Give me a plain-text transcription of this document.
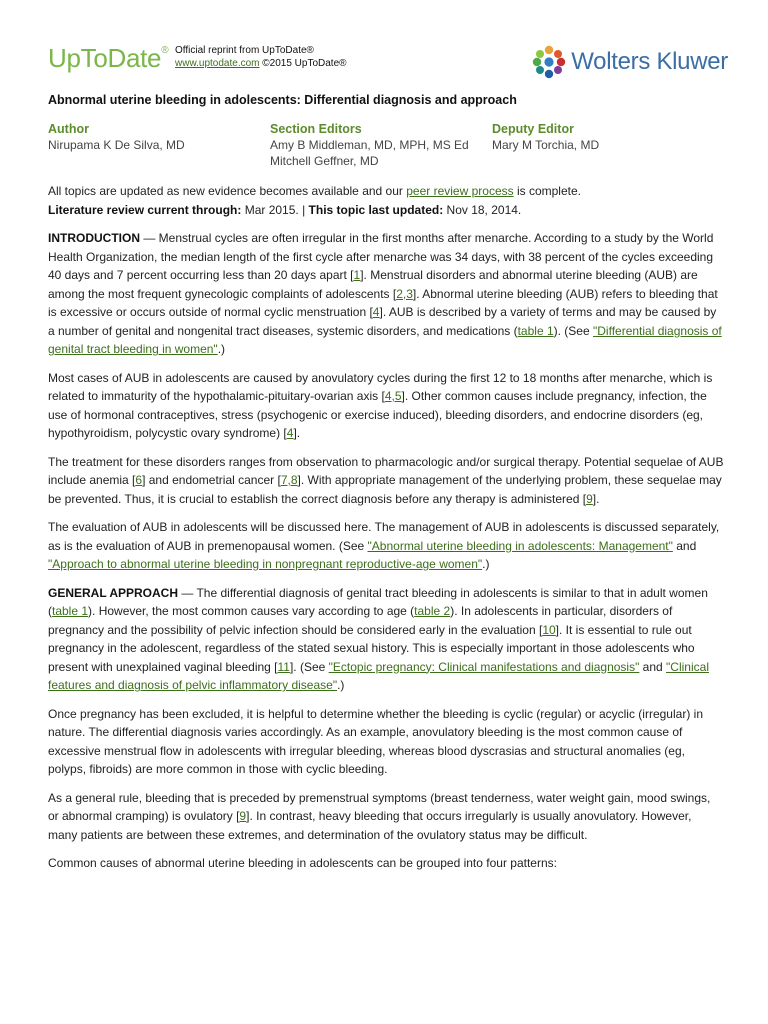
UpToDate® Official reprint from UpToDate®
www.uptodate.com ©2015 UpToDate®	Wolters Kluwer
Abnormal uterine bleeding in adolescents: Differential diagnosis and approach
Author
Nirupama K De Silva, MD
Section Editors
Amy B Middleman, MD, MPH, MS Ed
Mitchell Geffner, MD
Deputy Editor
Mary M Torchia, MD

All topics are updated as new evidence becomes available and our peer review process is complete.
Literature review current through: Mar 2015. | This topic last updated: Nov 18, 2014.

INTRODUCTION — Menstrual cycles are often irregular in the first months after menarche. According to a study by the World Health Organization, the median length of the first cycle after menarche was 34 days, with 38 percent of the cycles exceeding 40 days and 7 percent occurring less than 20 days apart [1]. Menstrual disorders and abnormal uterine bleeding (AUB) are among the most frequent gynecologic complaints of adolescents [2,3]. Abnormal uterine bleeding (AUB) refers to bleeding that is excessive or occurs outside of normal cyclic menstruation [4]. AUB is described by a variety of terms and may be caused by a number of genital and nongenital tract diseases, systemic disorders, and medications (table 1). (See "Differential diagnosis of genital tract bleeding in women".)

Most cases of AUB in adolescents are caused by anovulatory cycles during the first 12 to 18 months after menarche, which is related to immaturity of the hypothalamic-pituitary-ovarian axis [4,5]. Other common causes include pregnancy, infection, the use of hormonal contraceptives, stress (psychogenic or exercise induced), bleeding disorders, and endocrine disorders (eg, hypothyroidism, polycystic ovary syndrome) [4].

The treatment for these disorders ranges from observation to pharmacologic and/or surgical therapy. Potential sequelae of AUB include anemia [6] and endometrial cancer [7,8]. With appropriate management of the underlying problem, these sequelae may be prevented. Thus, it is crucial to establish the correct diagnosis before any therapy is administered [9].

The evaluation of AUB in adolescents will be discussed here. The management of AUB in adolescents is discussed separately, as is the evaluation of AUB in premenopausal women. (See "Abnormal uterine bleeding in adolescents: Management" and "Approach to abnormal uterine bleeding in nonpregnant reproductive-age women".)

GENERAL APPROACH — The differential diagnosis of genital tract bleeding in adolescents is similar to that in adult women (table 1). However, the most common causes vary according to age (table 2). In adolescents in particular, disorders of pregnancy and the possibility of pelvic infection should be considered early in the evaluation [10]. It is essential to rule out pregnancy in the adolescent, regardless of the stated sexual history. This is especially important in those adolescents who present with unexplained vaginal bleeding [11]. (See "Ectopic pregnancy: Clinical manifestations and diagnosis" and "Clinical features and diagnosis of pelvic inflammatory disease".)

Once pregnancy has been excluded, it is helpful to determine whether the bleeding is cyclic (regular) or acyclic (irregular) in nature. The differential diagnosis varies accordingly. As an example, anovulatory bleeding is the most common cause of excessive menstrual flow in adolescents with irregular bleeding, whereas blood dyscrasias and structural anomalies (eg, polyps, fibroids) are more common in those with cyclic bleeding.

As a general rule, bleeding that is preceded by premenstrual symptoms (breast tenderness, water weight gain, mood swings, or abnormal cramping) is ovulatory [9]. In contrast, heavy bleeding that occurs irregularly is usually anovulatory. However, many patients are between these extremes, and determination of the ovulatory status may be difficult.

Common causes of abnormal uterine bleeding in adolescents can be grouped into four patterns:
